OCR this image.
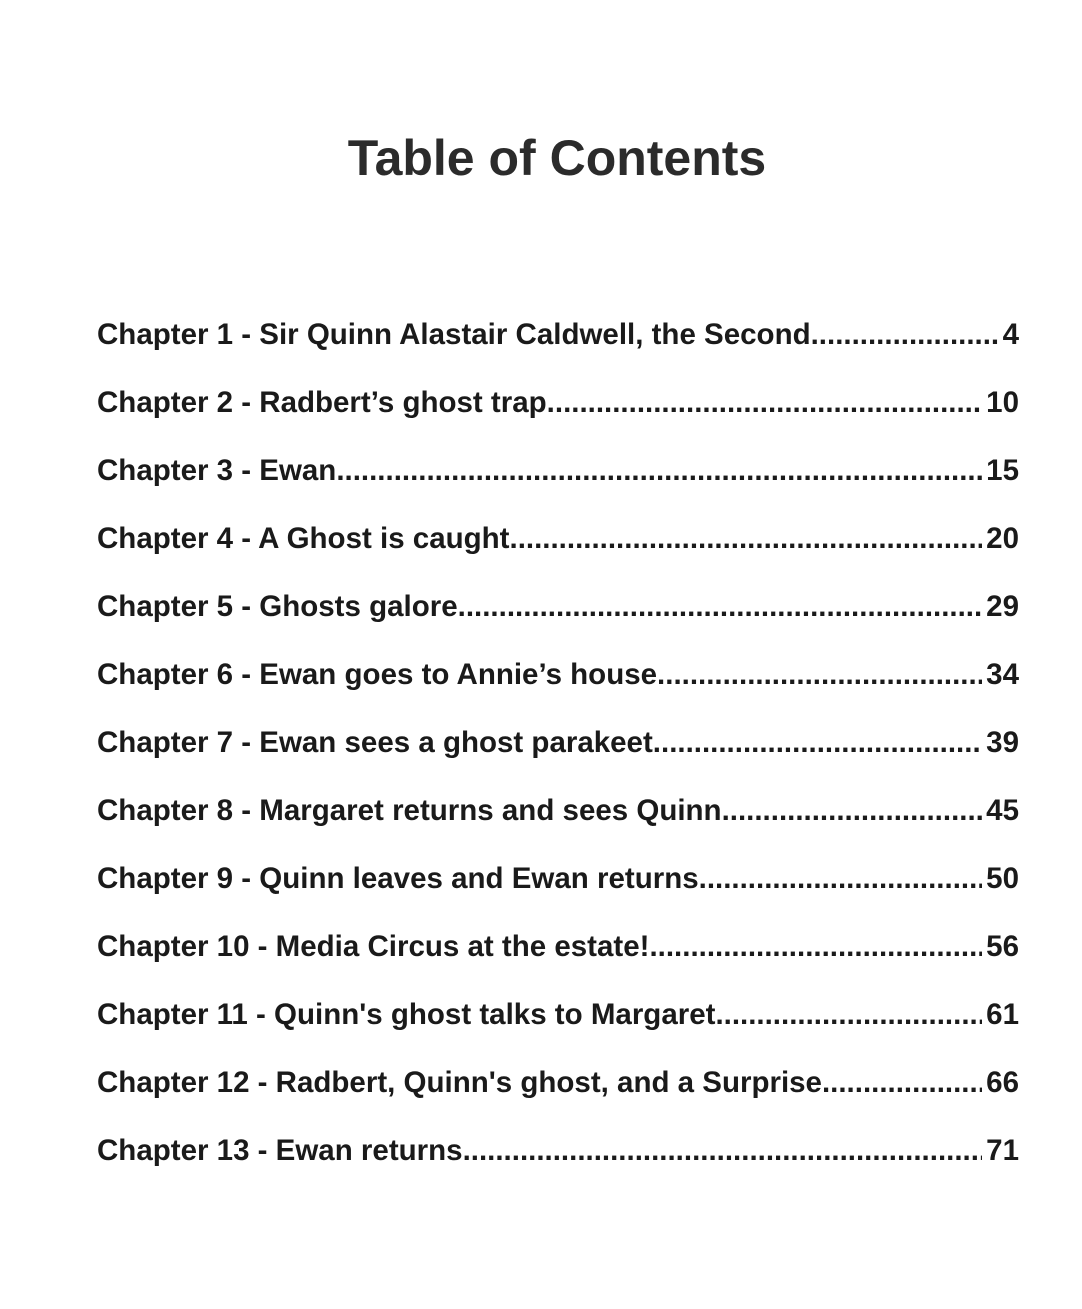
Table of Contents
Chapter 1 - Sir Quinn Alastair Caldwell, the Second .....	4
Chapter 2 - Radbert’s ghost trap .....	10
Chapter 3 - Ewan .....	15
Chapter 4 - A Ghost is caught .....	20
Chapter 5 - Ghosts galore .....	29
Chapter 6 - Ewan goes to Annie’s house .....	34
Chapter 7 - Ewan sees a ghost parakeet .....	39
Chapter 8 - Margaret returns and sees Quinn .....	45
Chapter 9 - Quinn leaves and Ewan returns .....	50
Chapter 10 - Media Circus at the estate! .....	56
Chapter 11 - Quinn's ghost talks to Margaret .....	61
Chapter 12 - Radbert, Quinn's ghost, and a Surprise .....	66
Chapter 13 - Ewan returns .....	71
